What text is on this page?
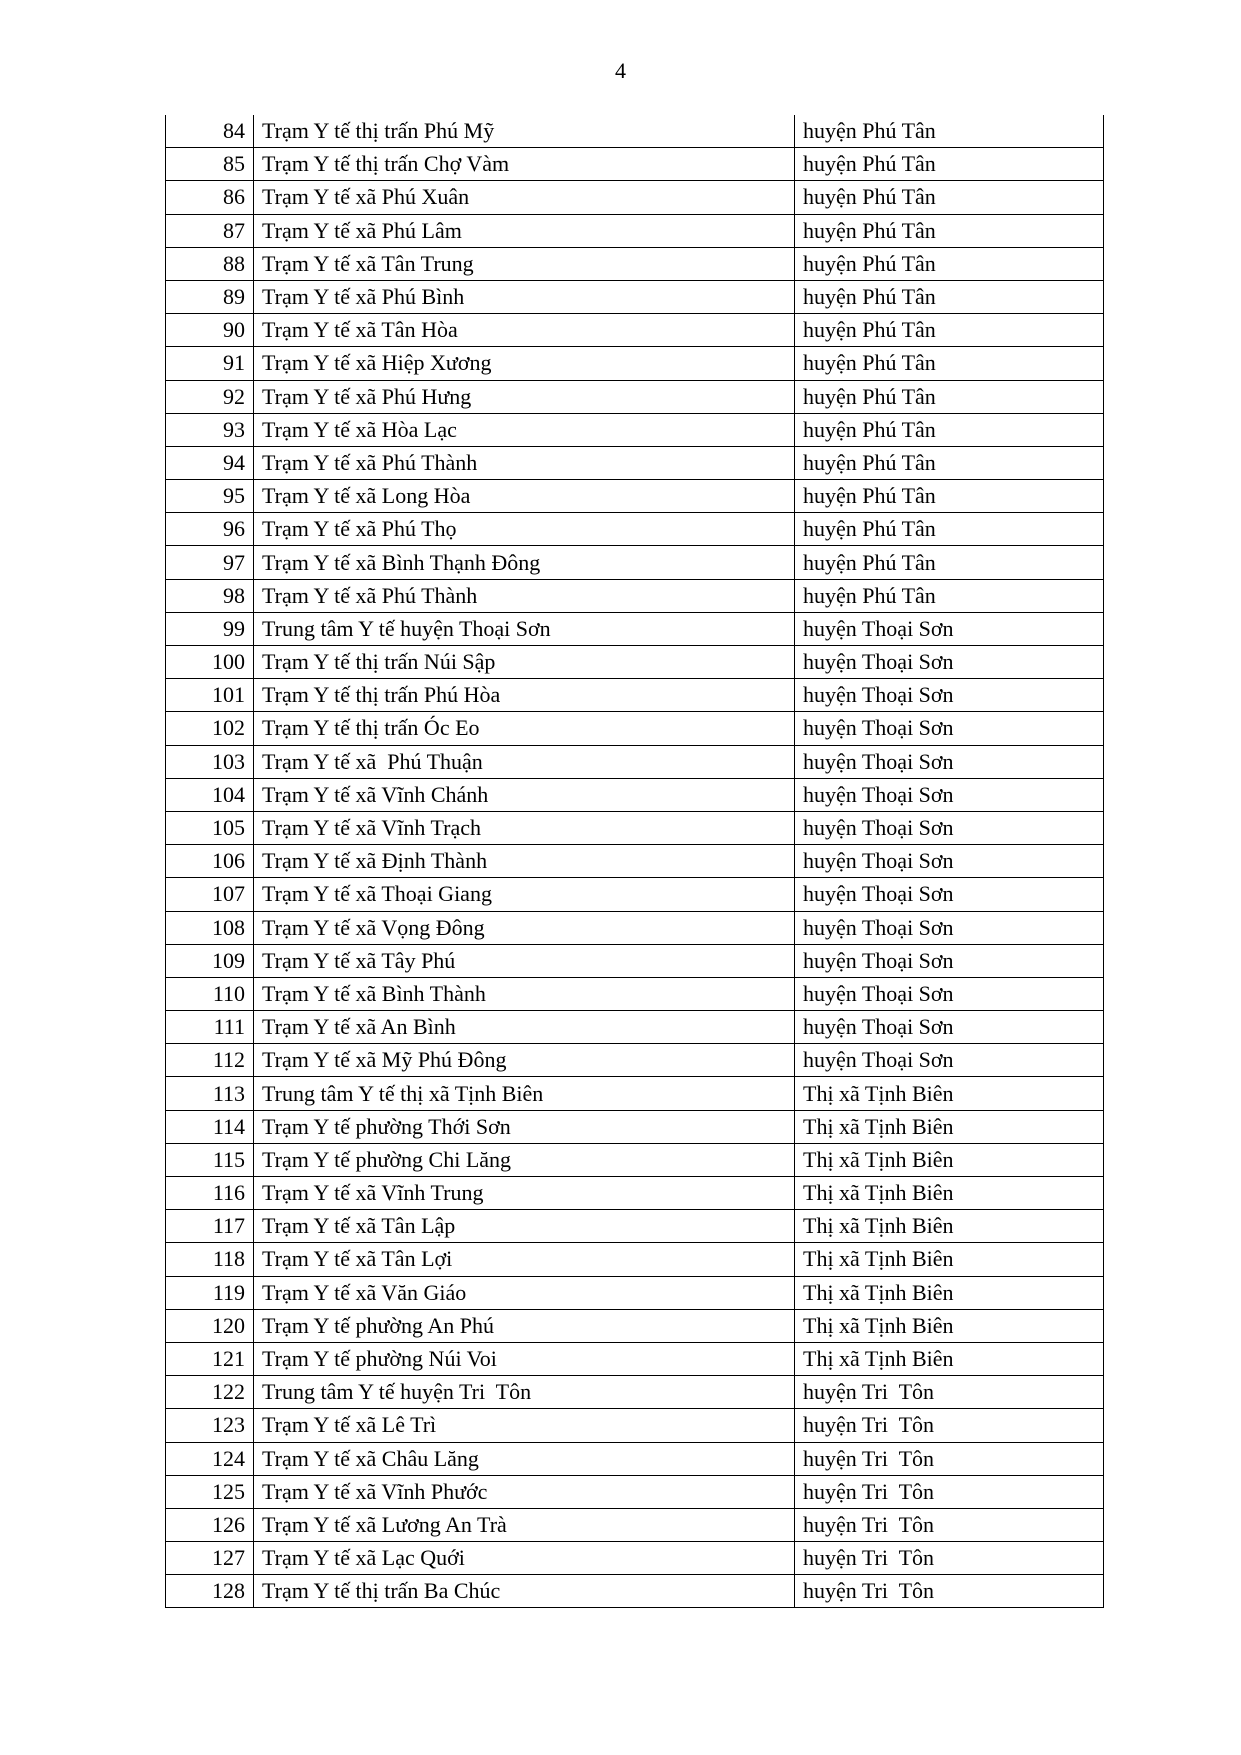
4
84	Trạm Y tế thị trấn Phú Mỹ	huyện Phú Tân
85	Trạm Y tế thị trấn Chợ Vàm	huyện Phú Tân
86	Trạm Y tế xã Phú Xuân	huyện Phú Tân
87	Trạm Y tế xã Phú Lâm	huyện Phú Tân
88	Trạm Y tế xã Tân Trung	huyện Phú Tân
89	Trạm Y tế xã Phú Bình	huyện Phú Tân
90	Trạm Y tế xã Tân Hòa	huyện Phú Tân
91	Trạm Y tế xã Hiệp Xương	huyện Phú Tân
92	Trạm Y tế xã Phú Hưng	huyện Phú Tân
93	Trạm Y tế xã Hòa Lạc	huyện Phú Tân
94	Trạm Y tế xã Phú Thành	huyện Phú Tân
95	Trạm Y tế xã Long Hòa	huyện Phú Tân
96	Trạm Y tế xã Phú Thọ	huyện Phú Tân
97	Trạm Y tế xã Bình Thạnh Đông	huyện Phú Tân
98	Trạm Y tế xã Phú Thành	huyện Phú Tân
99	Trung tâm Y tế huyện Thoại Sơn	huyện Thoại Sơn
100	Trạm Y tế thị trấn Núi Sập	huyện Thoại Sơn
101	Trạm Y tế thị trấn Phú Hòa	huyện Thoại Sơn
102	Trạm Y tế thị trấn Óc Eo	huyện Thoại Sơn
103	Trạm Y tế xã  Phú Thuận	huyện Thoại Sơn
104	Trạm Y tế xã Vĩnh Chánh	huyện Thoại Sơn
105	Trạm Y tế xã Vĩnh Trạch	huyện Thoại Sơn
106	Trạm Y tế xã Định Thành	huyện Thoại Sơn
107	Trạm Y tế xã Thoại Giang	huyện Thoại Sơn
108	Trạm Y tế xã Vọng Đông	huyện Thoại Sơn
109	Trạm Y tế xã Tây Phú	huyện Thoại Sơn
110	Trạm Y tế xã Bình Thành	huyện Thoại Sơn
111	Trạm Y tế xã An Bình	huyện Thoại Sơn
112	Trạm Y tế xã Mỹ Phú Đông	huyện Thoại Sơn
113	Trung tâm Y tế thị xã Tịnh Biên	Thị xã Tịnh Biên
114	Trạm Y tế phường Thới Sơn	Thị xã Tịnh Biên
115	Trạm Y tế phường Chi Lăng	Thị xã Tịnh Biên
116	Trạm Y tế xã Vĩnh Trung	Thị xã Tịnh Biên
117	Trạm Y tế xã Tân Lập	Thị xã Tịnh Biên
118	Trạm Y tế xã Tân Lợi	Thị xã Tịnh Biên
119	Trạm Y tế xã Văn Giáo	Thị xã Tịnh Biên
120	Trạm Y tế phường An Phú	Thị xã Tịnh Biên
121	Trạm Y tế phường Núi Voi	Thị xã Tịnh Biên
122	Trung tâm Y tế huyện Tri  Tôn	huyện Tri  Tôn
123	Trạm Y tế xã Lê Trì	huyện Tri  Tôn
124	Trạm Y tế xã Châu Lăng	huyện Tri  Tôn
125	Trạm Y tế xã Vĩnh Phước	huyện Tri  Tôn
126	Trạm Y tế xã Lương An Trà	huyện Tri  Tôn
127	Trạm Y tế xã Lạc Quới	huyện Tri  Tôn
128	Trạm Y tế thị trấn Ba Chúc	huyện Tri  Tôn
